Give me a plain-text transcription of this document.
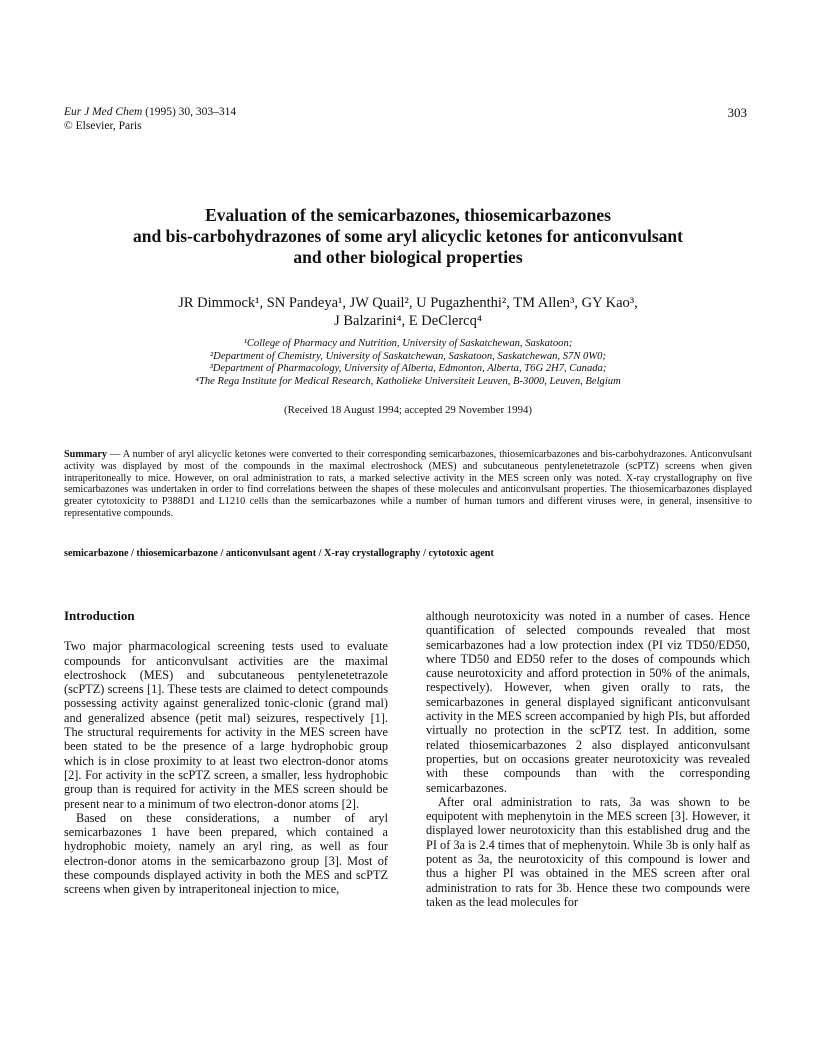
Eur J Med Chem (1995) 30, 303–314
© Elsevier, Paris
303
Evaluation of the semicarbazones, thiosemicarbazones
and bis-carbohydrazones of some aryl alicyclic ketones for anticonvulsant
and other biological properties
JR Dimmock¹, SN Pandeya¹, JW Quail², U Pugazhenthi², TM Allen³, GY Kao³,
J Balzarini⁴, E DeClercq⁴
¹College of Pharmacy and Nutrition, University of Saskatchewan, Saskatoon;
²Department of Chemistry, University of Saskatchewan, Saskatoon, Saskatchewan, S7N 0W0;
³Department of Pharmacology, University of Alberta, Edmonton, Alberta, T6G 2H7, Canada;
⁴The Rega Institute for Medical Research, Katholieke Universiteit Leuven, B-3000, Leuven, Belgium
(Received 18 August 1994; accepted 29 November 1994)
Summary — A number of aryl alicyclic ketones were converted to their corresponding semicarbazones, thiosemicarbazones and bis-carbohydrazones. Anticonvulsant activity was displayed by most of the compounds in the maximal electroshock (MES) and subcutaneous pentylenetetrazole (scPTZ) screens when given intraperitoneally to mice. However, on oral administration to rats, a marked selective activity in the MES screen only was noted. X-ray crystallography on five semicarbazones was undertaken in order to find correlations between the shapes of these molecules and anticonvulsant properties. The thiosemicarbazones displayed greater cytotoxicity to P388D1 and L1210 cells than the semicarbazones while a number of human tumors and different viruses were, in general, insensitive to representative compounds.
semicarbazone / thiosemicarbazone / anticonvulsant agent / X-ray crystallography / cytotoxic agent

Introduction

Two major pharmacological screening tests used to evaluate compounds for anticonvulsant activities are the maximal electroshock (MES) and subcutaneous pentylenetetrazole (scPTZ) screens [1]. These tests are claimed to detect compounds possessing activity against generalized tonic-clonic (grand mal) and generalized absence (petit mal) seizures, respectively [1]. The structural requirements for activity in the MES screen have been stated to be the presence of a large hydrophobic group which is in close proximity to at least two electron-donor atoms [2]. For activity in the scPTZ screen, a smaller, less hydrophobic group than is required for activity in the MES screen should be present near to a minimum of two electron-donor atoms [2].

Based on these considerations, a number of aryl semicarbazones 1 have been prepared, which contained a hydrophobic moiety, namely an aryl ring, as well as four electron-donor atoms in the semicarbazono group [3]. Most of these compounds displayed activity in both the MES and scPTZ screens when given by intraperitoneal injection to mice,

although neurotoxicity was noted in a number of cases. Hence quantification of selected compounds revealed that most semicarbazones had a low protection index (PI viz TD50/ED50, where TD50 and ED50 refer to the doses of compounds which cause neurotoxicity and afford protection in 50% of the animals, respectively). However, when given orally to rats, the semicarbazones in general displayed significant anticonvulsant activity in the MES screen accompanied by high PIs, but afforded virtually no protection in the scPTZ test. In addition, some related thiosemicarbazones 2 also displayed anticonvulsant properties, but on occasions greater neurotoxicity was revealed with these compounds than with the corresponding semicarbazones.

After oral administration to rats, 3a was shown to be equipotent with mephenytoin in the MES screen [3]. However, it displayed lower neurotoxicity than this established drug and the PI of 3a is 2.4 times that of mephenytoin. While 3b is only half as potent as 3a, the neurotoxicity of this compound is lower and thus a higher PI was obtained in the MES screen after oral administration to rats for 3b. Hence these two compounds were taken as the lead molecules for
